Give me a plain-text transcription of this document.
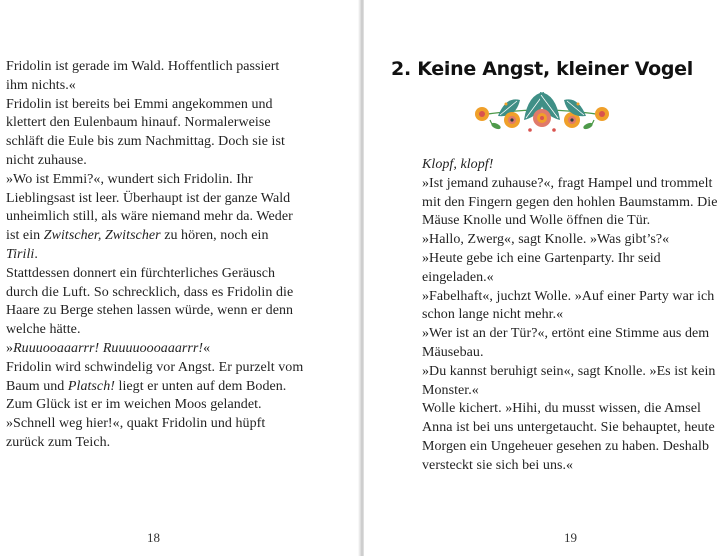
Fridolin ist gerade im Wald. Hoffentlich passiert

ihm nichts.«

Fridolin ist bereits bei Emmi angekommen und

klettert den Eulenbaum hinauf. Normalerweise

schläft die Eule bis zum Nachmittag. Doch sie ist

nicht zuhause.

»Wo ist Emmi?«, wundert sich Fridolin. Ihr

Lieblingsast ist leer. Überhaupt ist der ganze Wald

unheimlich still, als wäre niemand mehr da. Weder

ist ein Zwitscher, Zwitscher zu hören, noch ein

Tirili.

Stattdessen donnert ein fürchterliches Geräusch

durch die Luft. So schrecklich, dass es Fridolin die

Haare zu Berge stehen lassen würde, wenn er denn

welche hätte.

»Ruuuooaaarrr! Ruuuuoooaaarrr!«

Fridolin wird schwindelig vor Angst. Er purzelt vom

Baum und Platsch! liegt er unten auf dem Boden.

Zum Glück ist er im weichen Moos gelandet.

»Schnell weg hier!«, quakt Fridolin und hüpft

zurück zum Teich.

18
2. Keine Angst, kleiner Vogel

Klopf, klopf!

»Ist jemand zuhause?«, fragt Hampel und trommelt

mit den Fingern gegen den hohlen Baumstamm. Die

Mäuse Knolle und Wolle öffnen die Tür.

»Hallo, Zwerg«, sagt Knolle. »Was gibt’s?«

»Heute gebe ich eine Gartenparty. Ihr seid

eingeladen.«

»Fabelhaft«, juchzt Wolle. »Auf einer Party war ich

schon lange nicht mehr.«

»Wer ist an der Tür?«, ertönt eine Stimme aus dem

Mäusebau.

»Du kannst beruhigt sein«, sagt Knolle. »Es ist kein

Monster.«

Wolle kichert. »Hihi, du musst wissen, die Amsel

Anna ist bei uns untergetaucht. Sie behauptet, heute

Morgen ein Ungeheuer gesehen zu haben. Deshalb

versteckt sie sich bei uns.«

19
